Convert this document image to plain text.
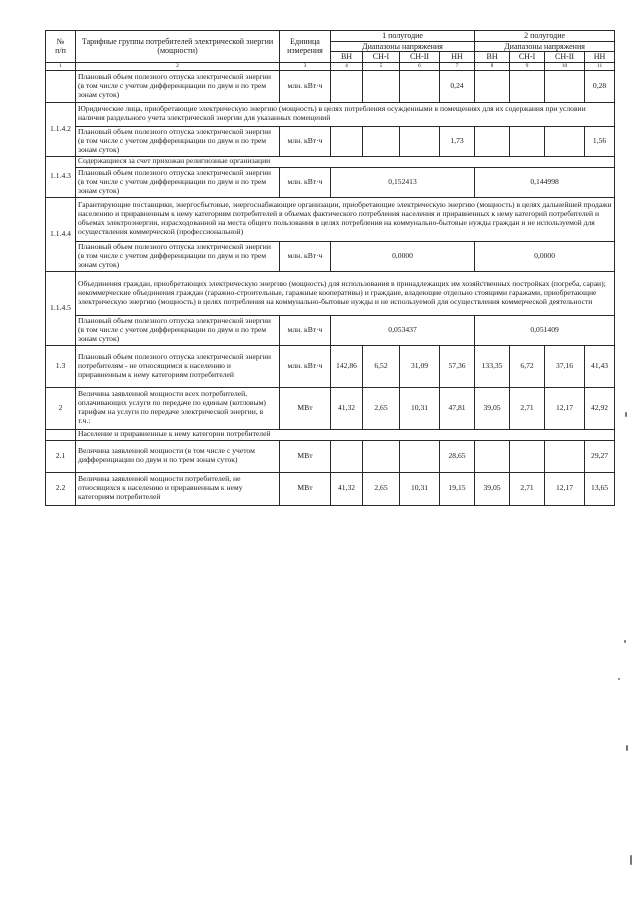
№
п/п	Тарифные группы потребителей электрической энергии (мощности)	Единица измерения	1 полугодие				2 полугодие			
			Диапазоны напряжения				Диапазоны напряжения			
			ВН	СН-I	СН-II	НН	ВН	СН-I	СН-II	НН
1	2	3	4	5	6	7	8	9	10	11
	Плановый объем полезного отпуска электрической энергии (в том числе с учетом дифференциации по двум и по трем зонам суток)	млн. кВт·ч				0,24				0,28
1.1.4.2	Юридические лица, приобретающие электрическую энергию (мощность) в целях потребления осужденными в помещениях для их содержания при условии наличия раздельного учета электрической энергии для указанных помещений									
	Плановый объем полезного отпуска электрической энергии (в том числе с учетом дифференциации по двум и по трем зонам суток)	млн. кВт·ч				1,73				1,56
1.1.4.3	Содержащиеся за счет прихожан религиозные организации									
	Плановый объем полезного отпуска электрической энергии (в том числе с учетом дифференциации по двум и по трем зонам суток)	млн. кВт·ч	0,152413				0,144998			
1.1.4.4	Гарантирующие поставщики, энергосбытовые, энергоснабжающие организации, приобретающие электрическую энергию (мощность) в целях дальнейшей продажи населению и приравненным к нему категориям потребителей в объемах фактического потребления населения и приравненных к нему категорий потребителей и объемах электроэнергии, израсходованной на места общего пользования в целях потребления на коммунально-бытовые нужды граждан и не используемой для осуществления коммерческой (профессиональной)									
	Плановый объем полезного отпуска электрической энергии (в том числе с учетом дифференциации по двум и по трем зонам суток)	млн. кВт·ч	0,0000				0,0000			
1.1.4.5	Объединения граждан, приобретающих электрическую энергию (мощность) для использования в принадлежащих им хозяйственных постройках (погреба, сараи); некоммерческие объединения граждан (гаражно-строительные, гаражные кооперативы) и граждане, владеющие отдельно стоящими гаражами, приобретающие электрическую энергию (мощность) в целях потребления на коммунально-бытовые нужды и не используемой для осуществления коммерческой деятельности									
	Плановый объем полезного отпуска электрической энергии (в том числе с учетом дифференциации по двум и по трем зонам суток)	млн. кВт·ч	0,053437				0,051409			
1.3	Плановый объем полезного отпуска электрической энергии потребителям - не относящимся к населению и приравненным к нему категориям потребителей	млн. кВт·ч	142,86	6,52	31,09	57,36	133,35	6,72	37,16	41,43
2	Величина заявленной мощности всех потребителей, оплачивающих услуги по передаче по единым (котловым) тарифам на услуги по передаче электрической энергии, в т.ч.:	МВт	41,32	2,65	10,31	47,81	39,05	2,71	12,17	42,92
	Население и приравненные к нему категории потребителей									
2.1	Величина заявленной мощности (в том числе с учетом дифференциации по двум и по трем зонам суток)	МВт				28,65				29,27
2.2	Величина заявленной мощности потребителей, не относящихся к населению и приравненным к нему категориям потребителей	МВт	41,32	2,65	10,31	19,15	39,05	2,71	12,17	13,65
